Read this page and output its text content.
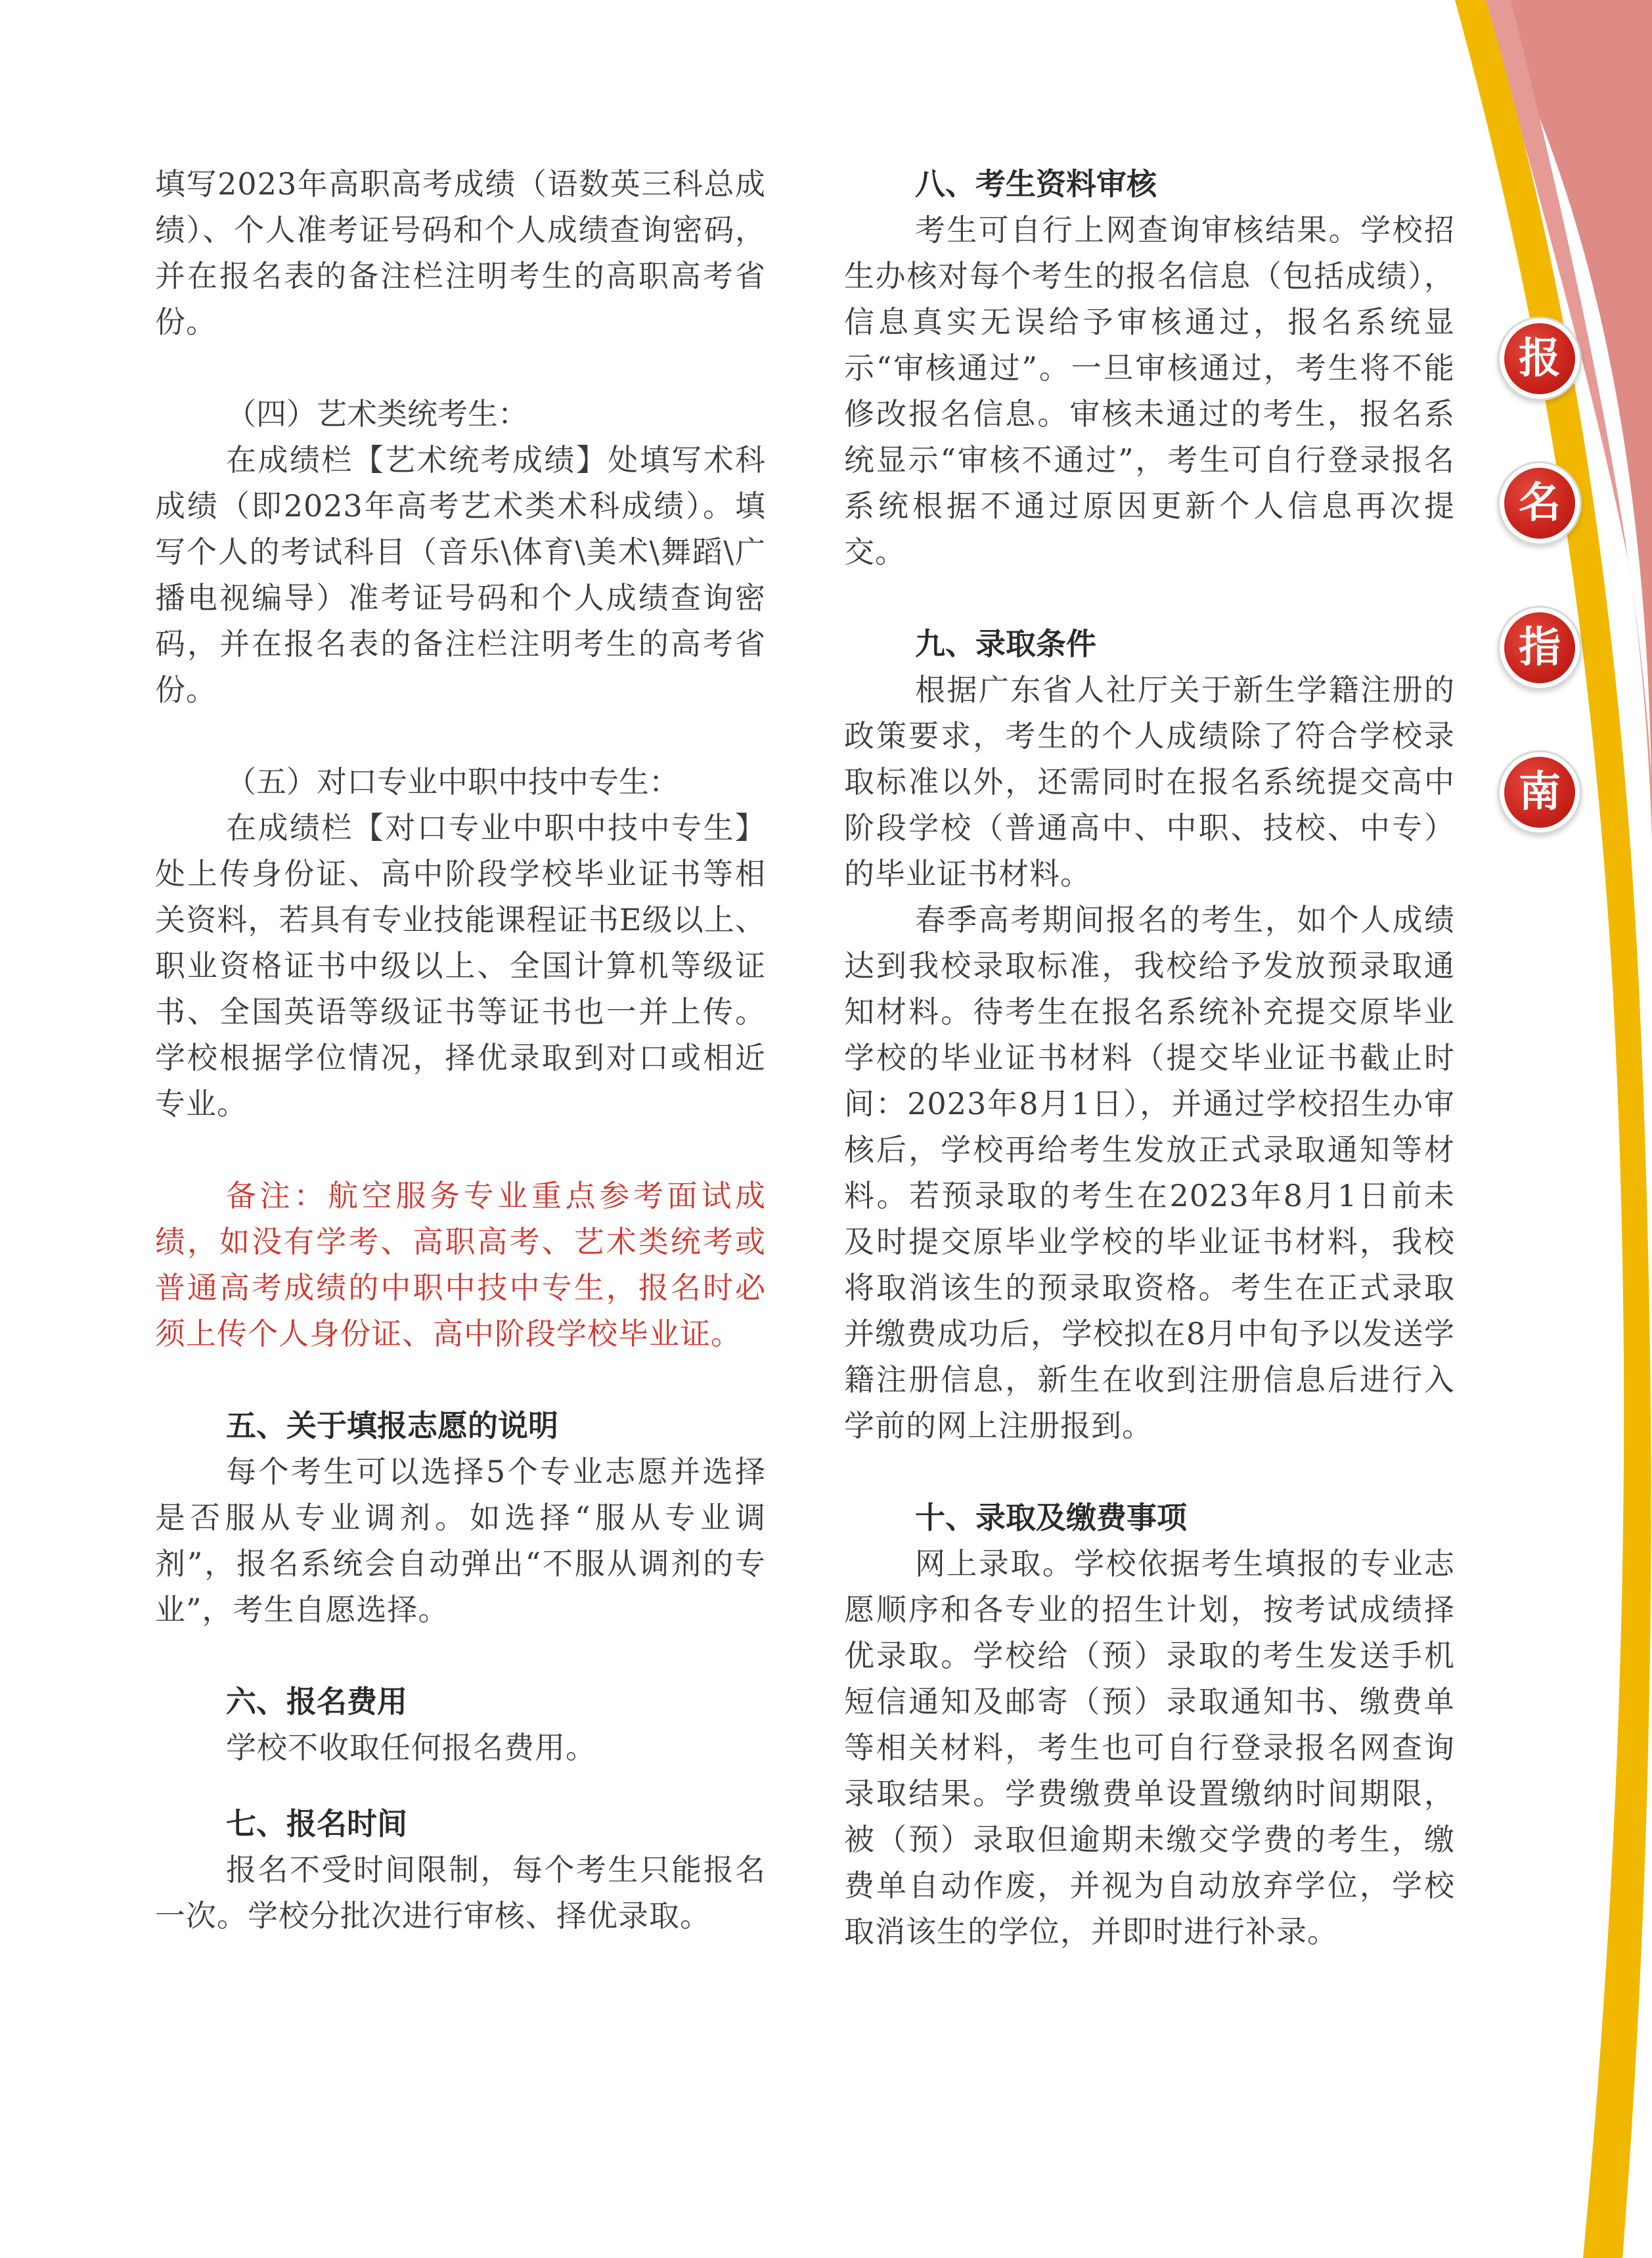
报
名
指
南

填写2023年高职高考成绩（语数英三科总成绩）、个人准考证号码和个人成绩查询密码，并在报名表的备注栏注明考生的高职高考省份。

（四）艺术类统考生：

在成绩栏【艺术统考成绩】处填写术科成绩（即2023年高考艺术类术科成绩）。填写个人的考试科目（音乐\体育\美术\舞蹈\广播电视编导）准考证号码和个人成绩查询密码，并在报名表的备注栏注明考生的高考省份。

（五）对口专业中职中技中专生：

在成绩栏【对口专业中职中技中专生】处上传身份证、高中阶段学校毕业证书等相关资料，若具有专业技能课程证书E级以上、职业资格证书中级以上、全国计算机等级证书、全国英语等级证书等证书也一并上传。学校根据学位情况，择优录取到对口或相近专业。

备注：航空服务专业重点参考面试成绩，如没有学考、高职高考、艺术类统考或普通高考成绩的中职中技中专生，报名时必须上传个人身份证、高中阶段学校毕业证。

五、关于填报志愿的说明

每个考生可以选择5个专业志愿并选择是否服从专业调剂。如选择“服从专业调剂”，报名系统会自动弹出“不服从调剂的专业”，考生自愿选择。

六、报名费用

学校不收取任何报名费用。

七、报名时间

报名不受时间限制，每个考生只能报名一次。学校分批次进行审核、择优录取。

八、考生资料审核

考生可自行上网查询审核结果。学校招生办核对每个考生的报名信息（包括成绩），信息真实无误给予审核通过，报名系统显示“审核通过”。一旦审核通过，考生将不能修改报名信息。审核未通过的考生，报名系统显示“审核不通过”，考生可自行登录报名系统根据不通过原因更新个人信息再次提交。

九、录取条件

根据广东省人社厅关于新生学籍注册的政策要求，考生的个人成绩除了符合学校录取标准以外，还需同时在报名系统提交高中阶段学校（普通高中、中职、技校、中专）的毕业证书材料。

春季高考期间报名的考生，如个人成绩达到我校录取标准，我校给予发放预录取通知材料。待考生在报名系统补充提交原毕业学校的毕业证书材料（提交毕业证书截止时间：2023年8月1日），并通过学校招生办审核后，学校再给考生发放正式录取通知等材料。若预录取的考生在2023年8月1日前未及时提交原毕业学校的毕业证书材料，我校将取消该生的预录取资格。考生在正式录取并缴费成功后，学校拟在8月中旬予以发送学籍注册信息，新生在收到注册信息后进行入学前的网上注册报到。

十、录取及缴费事项

网上录取。学校依据考生填报的专业志愿顺序和各专业的招生计划，按考试成绩择优录取。学校给（预）录取的考生发送手机短信通知及邮寄（预）录取通知书、缴费单等相关材料，考生也可自行登录报名网查询录取结果。学费缴费单设置缴纳时间期限，被（预）录取但逾期未缴交学费的考生，缴费单自动作废，并视为自动放弃学位，学校取消该生的学位，并即时进行补录。
